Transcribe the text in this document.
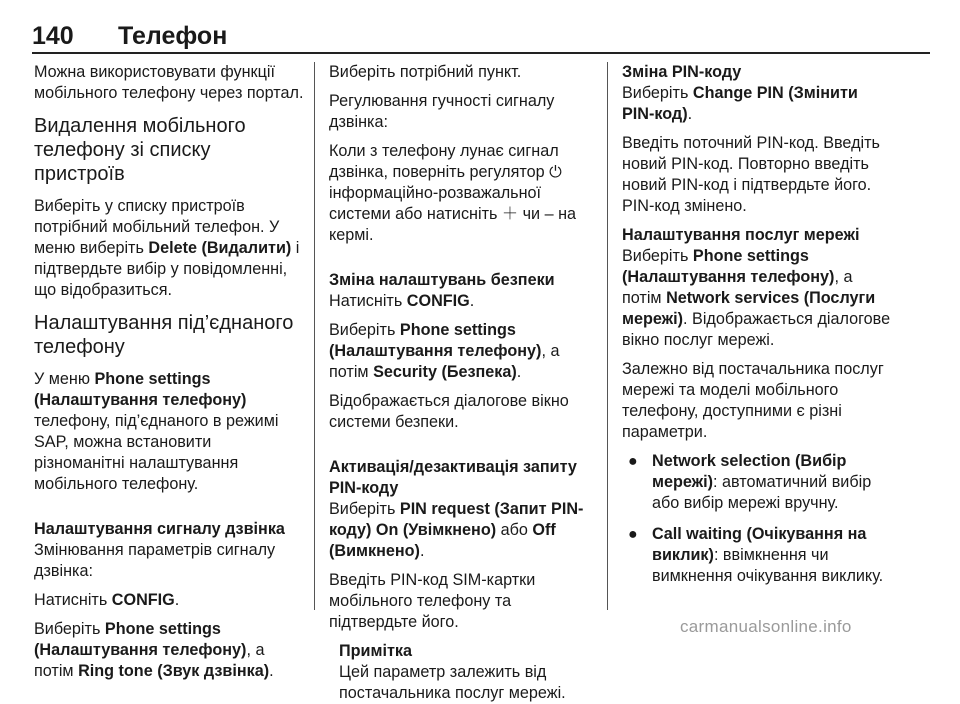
140 Телефон

Можна використовувати функції мобільного телефону через портал.

Видалення мобільного телефону зі списку пристроїв

Виберіть у списку пристроїв потрібний мобільний телефон. У меню виберіть Delete (Видалити) і підтвердьте вибір у повідомленні, що відобразиться.

Налаштування під’єднаного телефону

У меню Phone settings (Налаштування телефону) телефону, під’єднаного в режимі SAP, можна встановити різноманітні налаштування мобільного телефону.

Налаштування сигналу дзвінка

Змінювання параметрів сигналу дзвінка:

Натисніть CONFIG.

Виберіть Phone settings (Налаштування телефону), а потім Ring tone (Звук дзвінка).

Виберіть потрібний пункт.

Регулювання гучності сигналу дзвінка:

Коли з телефону лунає сигнал дзвінка, поверніть регулятор ⏻ інформаційно-розважальної системи або натисніть ＋ чи – на кермі.

Зміна налаштувань безпеки

Натисніть CONFIG.

Виберіть Phone settings (Налаштування телефону), а потім Security (Безпека).

Відображається діалогове вікно системи безпеки.

Активація/дезактивація запиту PIN-коду

Виберіть PIN request (Запит PIN-коду) On (Увімкнено) або Off (Вимкнено).

Введіть PIN-код SIM-картки мобільного телефону та підтвердьте його.

Примітка
Цей параметр залежить від постачальника послуг мережі.
Зміна PIN-коду

Виберіть Change PIN (Змінити PIN-код).

Введіть поточний PIN-код. Введіть новий PIN-код. Повторно введіть новий PIN-код і підтвердьте його. PIN-код змінено.

Налаштування послуг мережі

Виберіть Phone settings (Налаштування телефону), а потім Network services (Послуги мережі). Відображається діалогове вікно послуг мережі.

Залежно від постачальника послуг мережі та моделі мобільного телефону, доступними є різні параметри.

● Network selection (Вибір мережі): автоматичний вибір або вибір мережі вручну.
● Call waiting (Очікування на виклик): ввімкнення чи вимкнення очікування виклику.
carmanualsonline.info
